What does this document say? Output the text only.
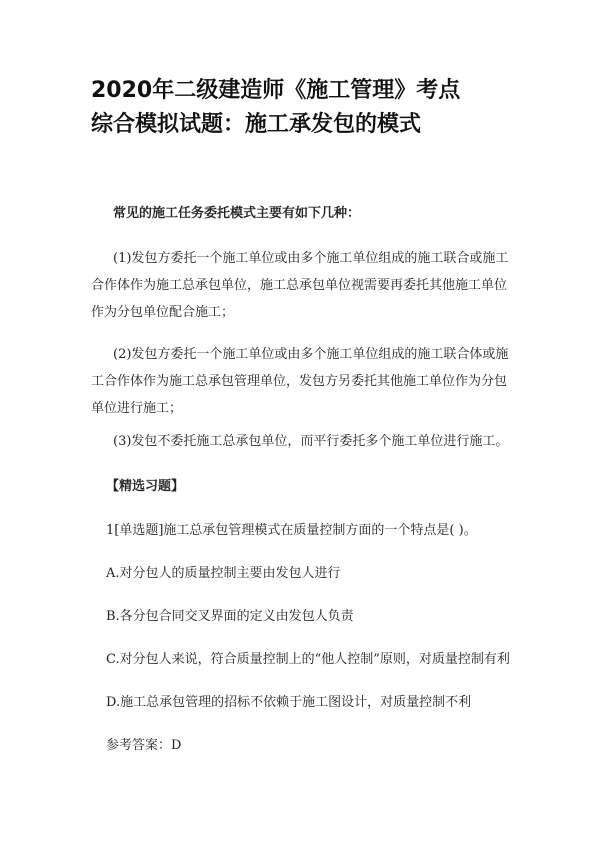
2020年二级建造师《施工管理》考点
综合模拟试题：施工承发包的模式

常见的施工任务委托模式主要有如下几种：

(1)发包方委托一个施工单位或由多个施工单位组成的施工联合或施工合作体作为施工总承包单位，施工总承包单位视需要再委托其他施工单位作为分包单位配合施工；

(2)发包方委托一个施工单位或由多个施工单位组成的施工联合体或施工合作体作为施工总承包管理单位，发包方另委托其他施工单位作为分包单位进行施工；

(3)发包不委托施工总承包单位，而平行委托多个施工单位进行施工。

【精选习题】

1[单选题]施工总承包管理模式在质量控制方面的一个特点是( )。

A.对分包人的质量控制主要由发包人进行

B.各分包合同交叉界面的定义由发包人负责

C.对分包人来说，符合质量控制上的“他人控制”原则，对质量控制有利

D.施工总承包管理的招标不依赖于施工图设计，对质量控制不利

参考答案：D
